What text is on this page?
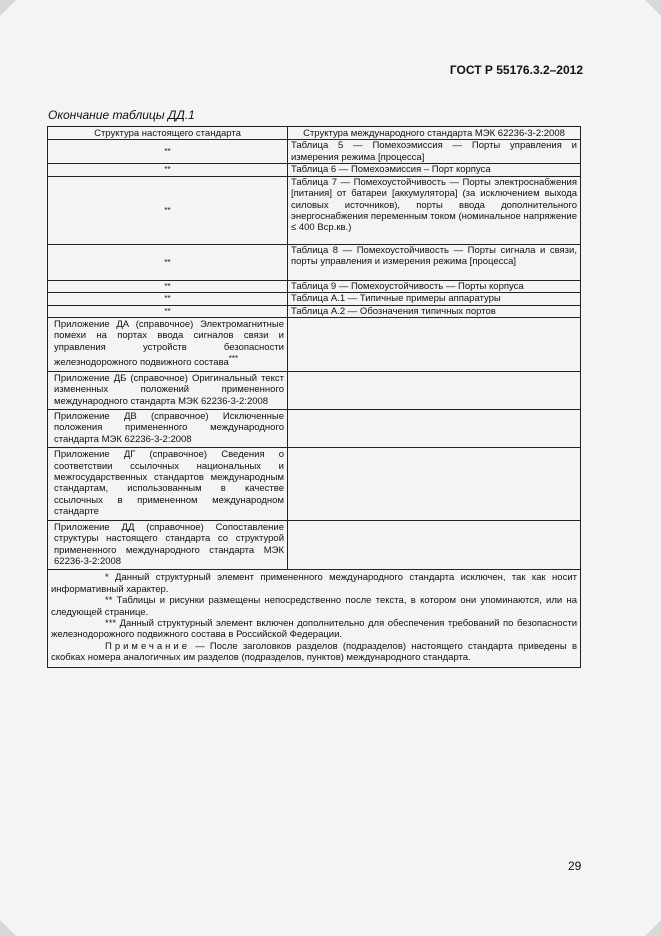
ГОСТ Р 55176.3.2–2012
Окончание таблицы ДД.1
Структура настоящего стандарта	Структура международного стандарта МЭК 62236-3-2:2008
**	Таблица 5 — Помехоэмиссия — Порты управления и измерения режима [процесса]
**	Таблица 6 — Помехоэмиссия – Порт корпуса
**	Таблица 7 — Помехоустойчивость — Порты электроснабжения [питания] от батареи [аккумулятора] (за исключением выхода силовых источников), порты ввода дополнительного энергоснабжения переменным током (номинальное напряжение ≤ 400 Вср.кв.)
**	Таблица 8 — Помехоустойчивость — Порты сигнала и связи, порты управления и измерения режима [процесса]
**	Таблица 9 — Помехоустойчивость — Порты корпуса
**	Таблица А.1 — Типичные примеры аппаратуры
**	Таблица А.2 — Обозначения типичных портов
Приложение ДА (справочное) Электромагнитные помехи на портах ввода сигналов связи и управления устройств безопасности железнодорожного подвижного состава***	
Приложение ДБ (справочное) Оригинальный текст измененных положений примененного международного стандарта МЭК 62236-3-2:2008	
Приложение ДВ (справочное) Исключенные положения примененного международного стандарта МЭК 62236-3-2:2008	
Приложение ДГ (справочное) Сведения о соответствии ссылочных национальных и межгосударственных стандартов международным стандартам, использованным в качестве ссылочных в примененном международном стандарте	
Приложение ДД (справочное) Сопоставление структуры настоящего стандарта со структурой примененного международного стандарта МЭК 62236-3-2:2008	

* Данный структурный элемент примененного международного стандарта исключен, так как носит информативный характер.

** Таблицы и рисунки размещены непосредственно после текста, в котором они упоминаются, или на следующей странице.

*** Данный структурный элемент включен дополнительно для обеспечения требований по безопасности железнодорожного подвижного состава в Российской Федерации.

Примечание — После заголовков разделов (подразделов) настоящего стандарта приведены в скобках номера аналогичных им разделов (подразделов, пунктов) международного стандарта.	

29
